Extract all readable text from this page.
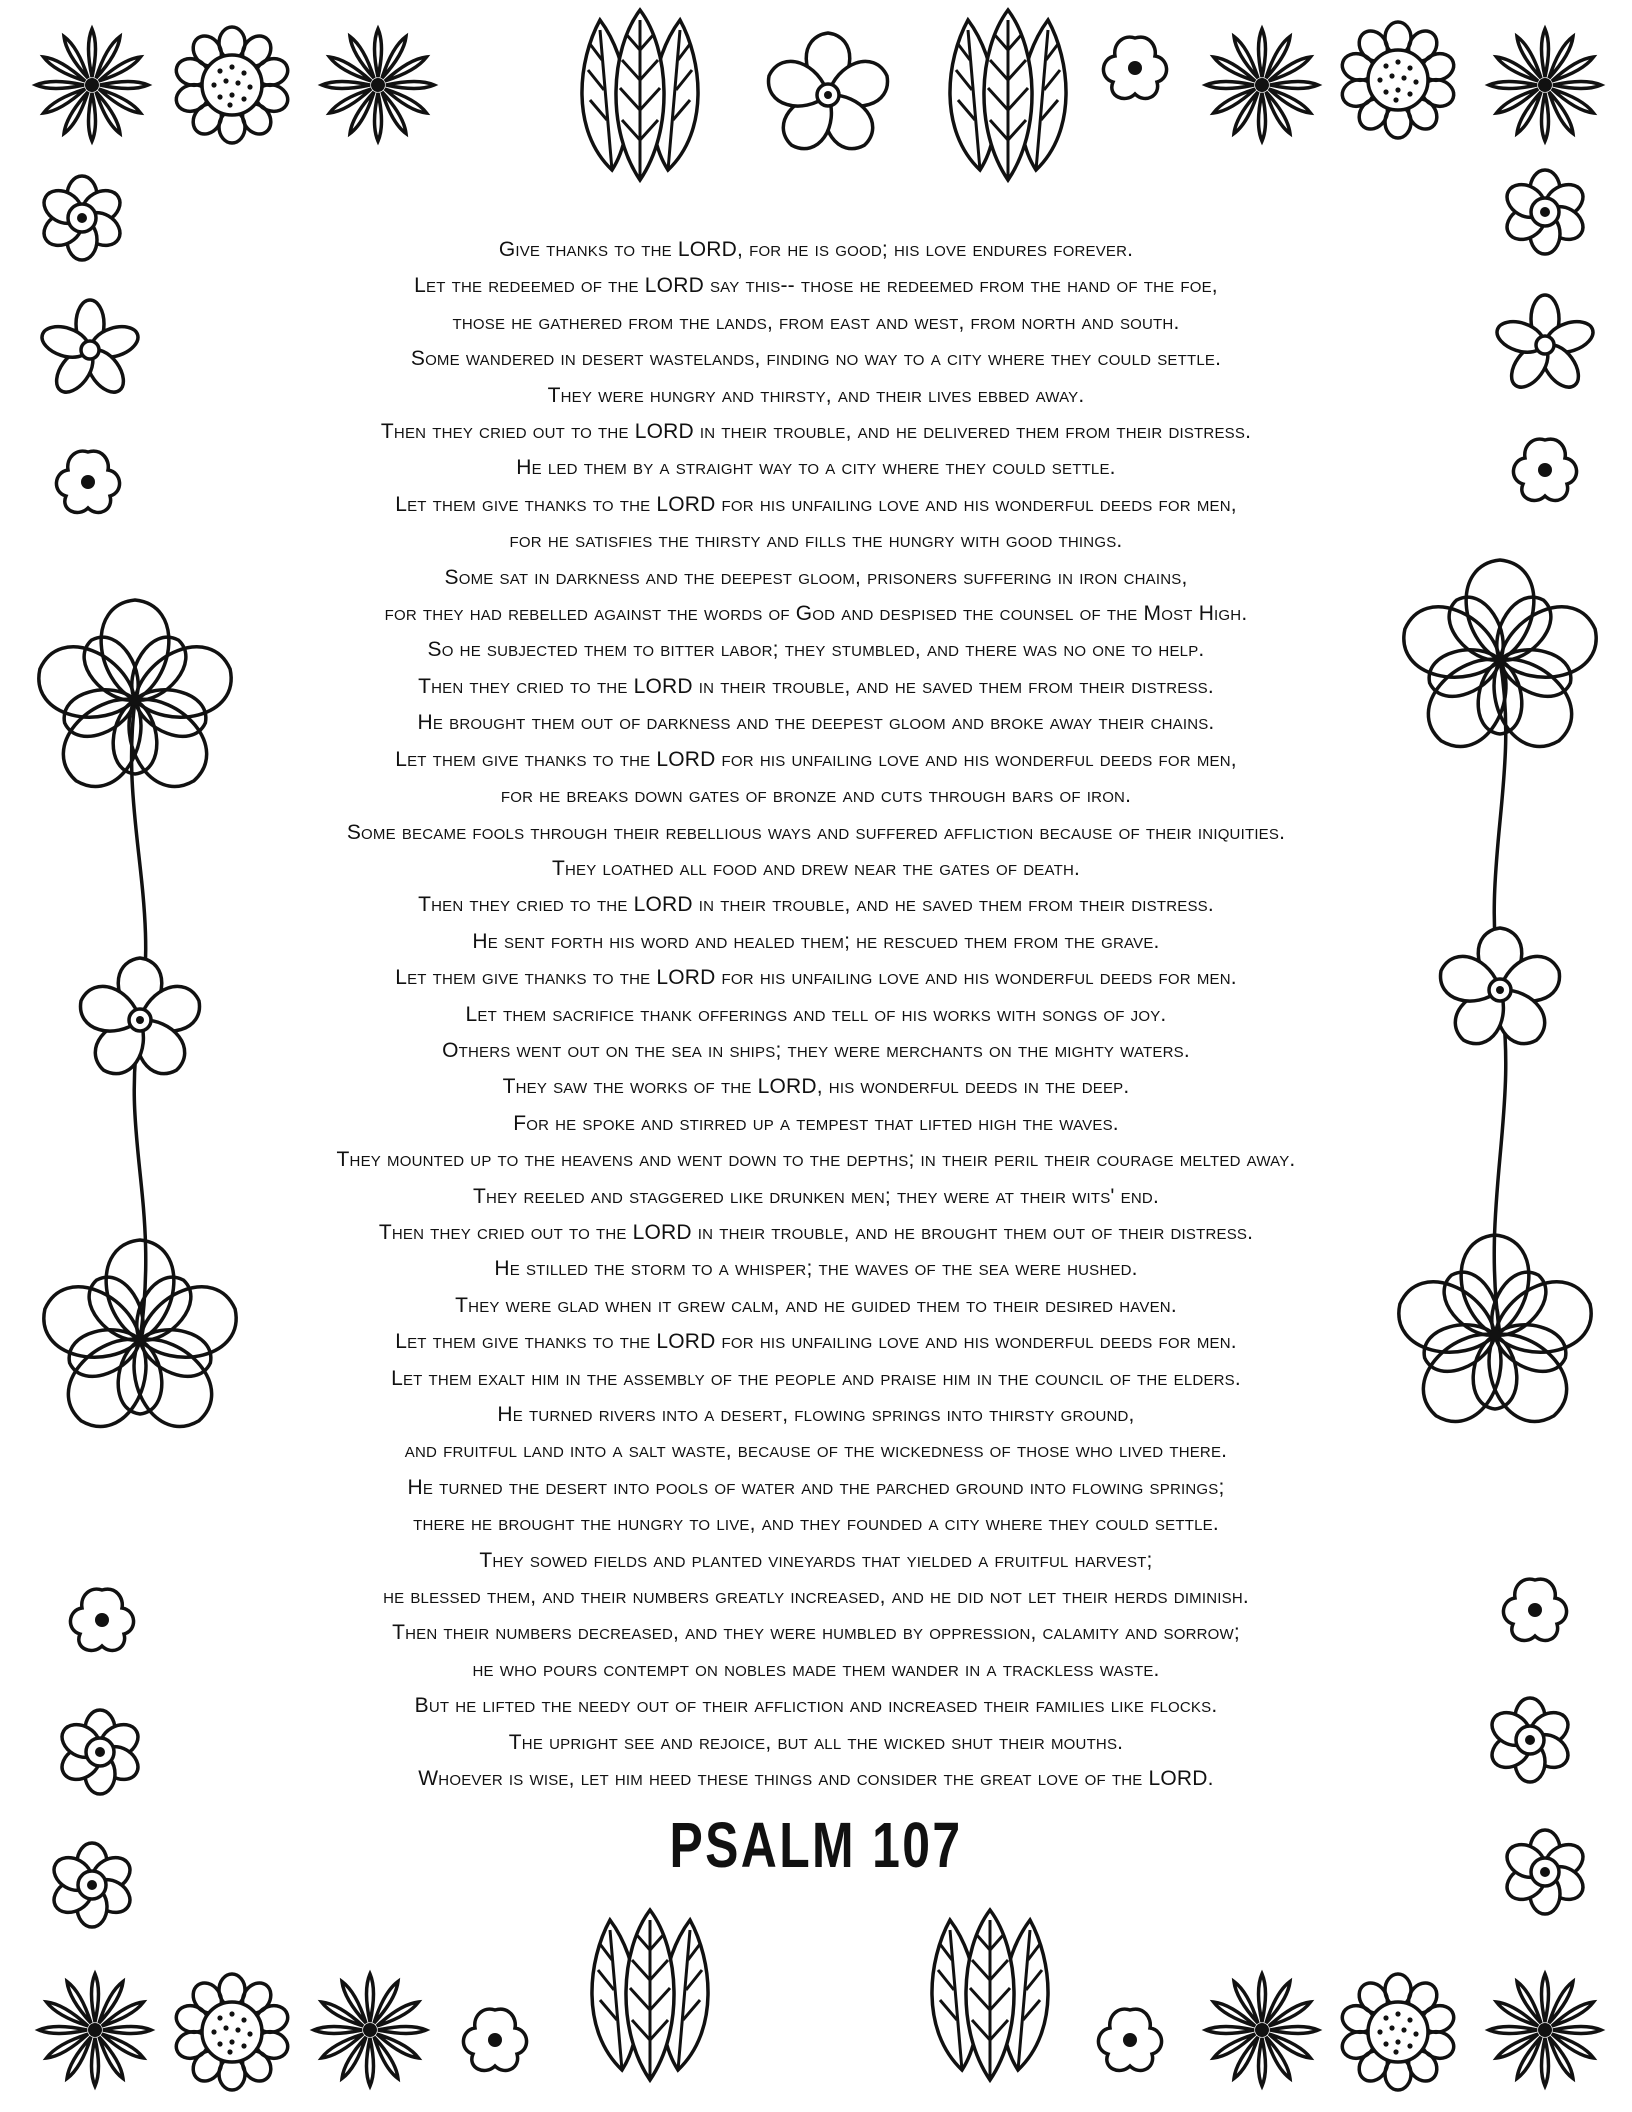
Give thanks to the LORD, for he is good; his love endures forever.
Let the redeemed of the LORD say this-- those he redeemed from the hand of the foe,
those he gathered from the lands, from east and west, from north and south.
Some wandered in desert wastelands, finding no way to a city where they could settle.
They were hungry and thirsty, and their lives ebbed away.
Then they cried out to the LORD in their trouble, and he delivered them from their distress.
He led them by a straight way to a city where they could settle.
Let them give thanks to the LORD for his unfailing love and his wonderful deeds for men,
for he satisfies the thirsty and fills the hungry with good things.
Some sat in darkness and the deepest gloom, prisoners suffering in iron chains,
for they had rebelled against the words of God and despised the counsel of the Most High.
So he subjected them to bitter labor; they stumbled, and there was no one to help.
Then they cried to the LORD in their trouble, and he saved them from their distress.
He brought them out of darkness and the deepest gloom and broke away their chains.
Let them give thanks to the LORD for his unfailing love and his wonderful deeds for men,
for he breaks down gates of bronze and cuts through bars of iron.
Some became fools through their rebellious ways and suffered affliction because of their iniquities.
They loathed all food and drew near the gates of death.
Then they cried to the LORD in their trouble, and he saved them from their distress.
He sent forth his word and healed them; he rescued them from the grave.
Let them give thanks to the LORD for his unfailing love and his wonderful deeds for men.
Let them sacrifice thank offerings and tell of his works with songs of joy.
Others went out on the sea in ships; they were merchants on the mighty waters.
They saw the works of the LORD, his wonderful deeds in the deep.
For he spoke and stirred up a tempest that lifted high the waves.
They mounted up to the heavens and went down to the depths; in their peril their courage melted away.
They reeled and staggered like drunken men; they were at their wits' end.
Then they cried out to the LORD in their trouble, and he brought them out of their distress.
He stilled the storm to a whisper; the waves of the sea were hushed.
They were glad when it grew calm, and he guided them to their desired haven.
Let them give thanks to the LORD for his unfailing love and his wonderful deeds for men.
Let them exalt him in the assembly of the people and praise him in the council of the elders.
He turned rivers into a desert, flowing springs into thirsty ground,
and fruitful land into a salt waste, because of the wickedness of those who lived there.
He turned the desert into pools of water and the parched ground into flowing springs;
there he brought the hungry to live, and they founded a city where they could settle.
They sowed fields and planted vineyards that yielded a fruitful harvest;
he blessed them, and their numbers greatly increased, and he did not let their herds diminish.
Then their numbers decreased, and they were humbled by oppression, calamity and sorrow;
he who pours contempt on nobles made them wander in a trackless waste.
But he lifted the needy out of their affliction and increased their families like flocks.
The upright see and rejoice, but all the wicked shut their mouths.
Whoever is wise, let him heed these things and consider the great love of the LORD.
PSALM 107
